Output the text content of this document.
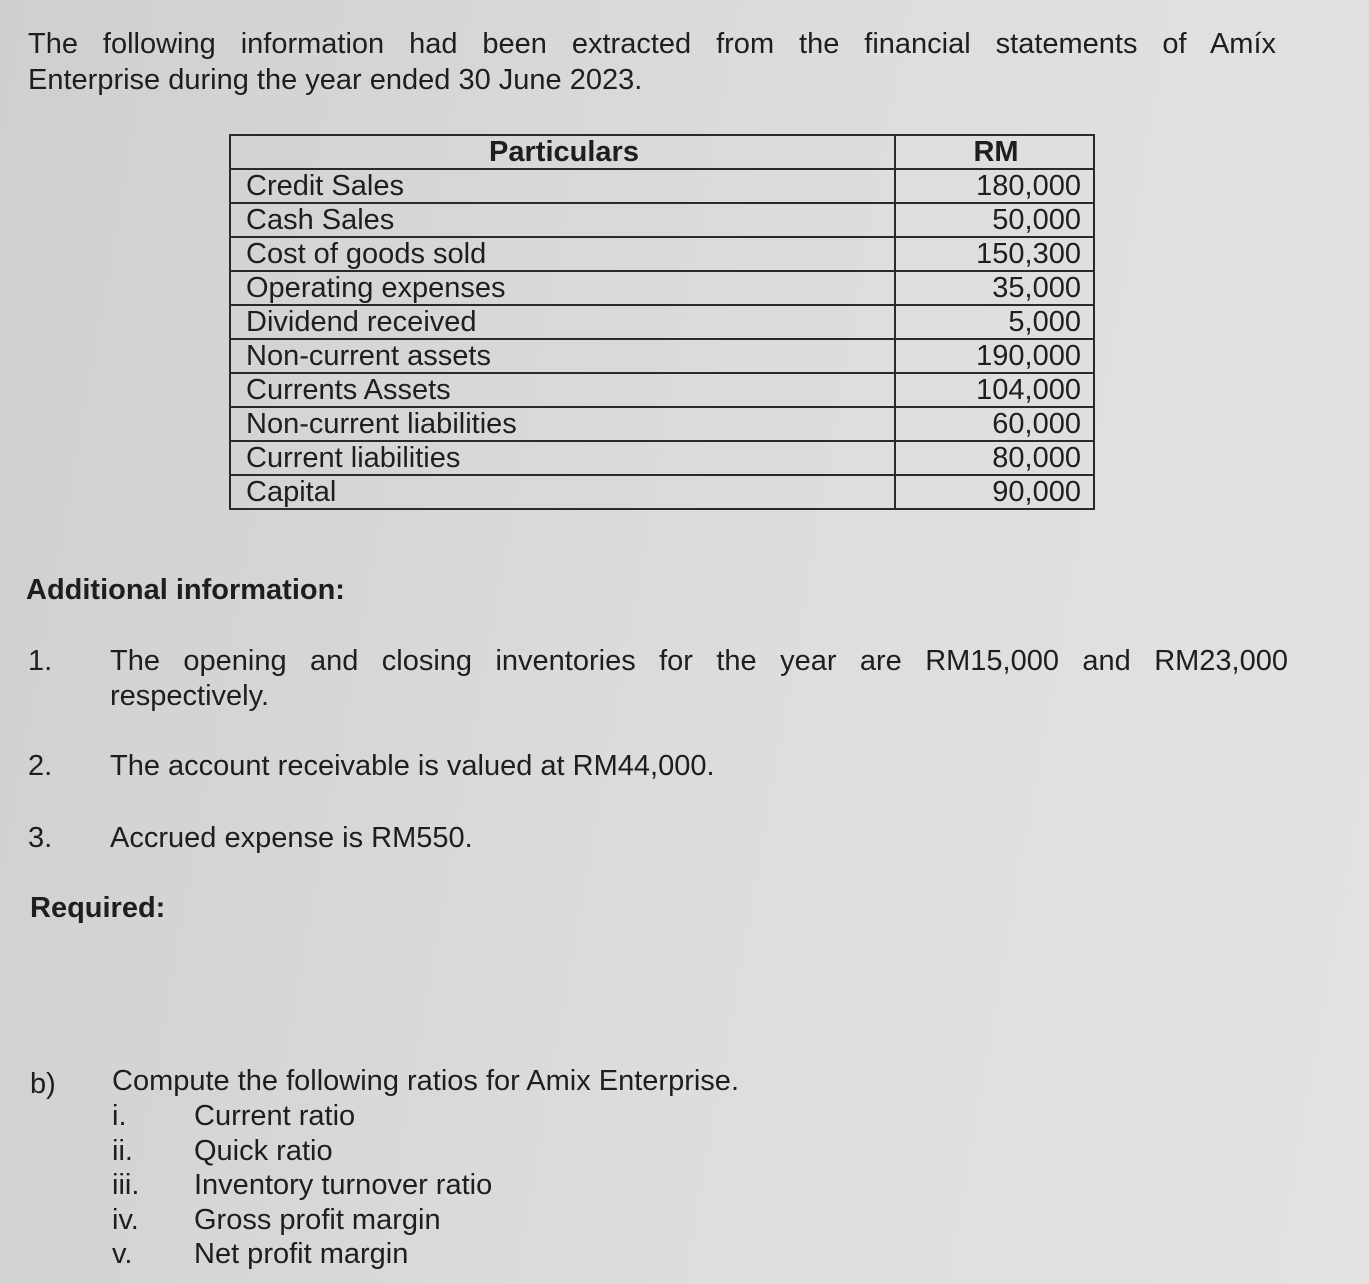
The following information had been extracted from the financial statements of Amíx
Enterprise during the year ended 30 June 2023.
Particulars	RM
Credit Sales	180,000
Cash Sales	50,000
Cost of goods sold	150,300
Operating expenses	35,000
Dividend received	5,000
Non-current assets	190,000
Currents Assets	104,000
Non-current liabilities	60,000
Current liabilities	80,000
Capital	90,000
Additional information:
1. The opening and closing inventories for the year are RM15,000 and RM23,000
respectively.
2. The account receivable is valued at RM44,000.
3. Accrued expense is RM550.
Required:
b) Compute the following ratios for Amix Enterprise.
i. Current ratio
ii. Quick ratio
iii. Inventory turnover ratio
iv. Gross profit margin
v. Net profit margin
